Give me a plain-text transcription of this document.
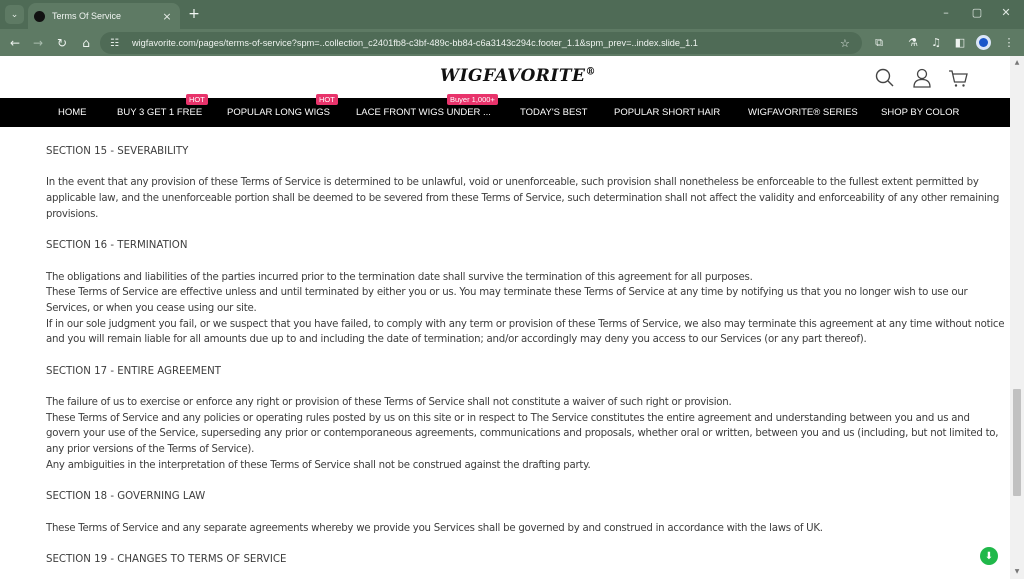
⌄	Terms Of Service	× +	–	▢	✕
←	→	↻	⌂	☷	wigfavorite.com/pages/terms-of-service?spm=..collection_c2401fb8-c3bf-489c-bb84-c6a3143c294c.footer_1.1&spm_prev=..index.slide_1.1	☆	⧉	⚗	♫	◧	⋮
WIGFAVORITE®
HOME	BUY 3 GET 1 FREE
HOT
POPULAR LONG WIGS
HOT
LACE FRONT WIGS UNDER ...
Buyer 1,000+
TODAY'S BEST	POPULAR SHORT HAIR	WIGFAVORITE® SERIES SHOP BY COLOR
SECTION 15 - SEVERABILITY
In the event that any provision of these Terms of Service is determined to be unlawful, void or unenforceable, such provision shall nonetheless be enforceable to the fullest extent permitted by
applicable law, and the unenforceable portion shall be deemed to be severed from these Terms of Service, such determination shall not affect the validity and enforceability of any other remaining
provisions.
SECTION 16 - TERMINATION
The obligations and liabilities of the parties incurred prior to the termination date shall survive the termination of this agreement for all purposes.
These Terms of Service are effective unless and until terminated by either you or us. You may terminate these Terms of Service at any time by notifying us that you no longer wish to use our
Services, or when you cease using our site.
If in our sole judgment you fail, or we suspect that you have failed, to comply with any term or provision of these Terms of Service, we also may terminate this agreement at any time without notice
and you will remain liable for all amounts due up to and including the date of termination; and/or accordingly may deny you access to our Services (or any part thereof).
SECTION 17 - ENTIRE AGREEMENT
The failure of us to exercise or enforce any right or provision of these Terms of Service shall not constitute a waiver of such right or provision.
These Terms of Service and any policies or operating rules posted by us on this site or in respect to The Service constitutes the entire agreement and understanding between you and us and
govern your use of the Service, superseding any prior or contemporaneous agreements, communications and proposals, whether oral or written, between you and us (including, but not limited to,
any prior versions of the Terms of Service).
Any ambiguities in the interpretation of these Terms of Service shall not be construed against the drafting party.
SECTION 18 - GOVERNING LAW
These Terms of Service and any separate agreements whereby we provide you Services shall be governed by and construed in accordance with the laws of UK.
SECTION 19 - CHANGES TO TERMS OF SERVICE
▲
▼
⬇
